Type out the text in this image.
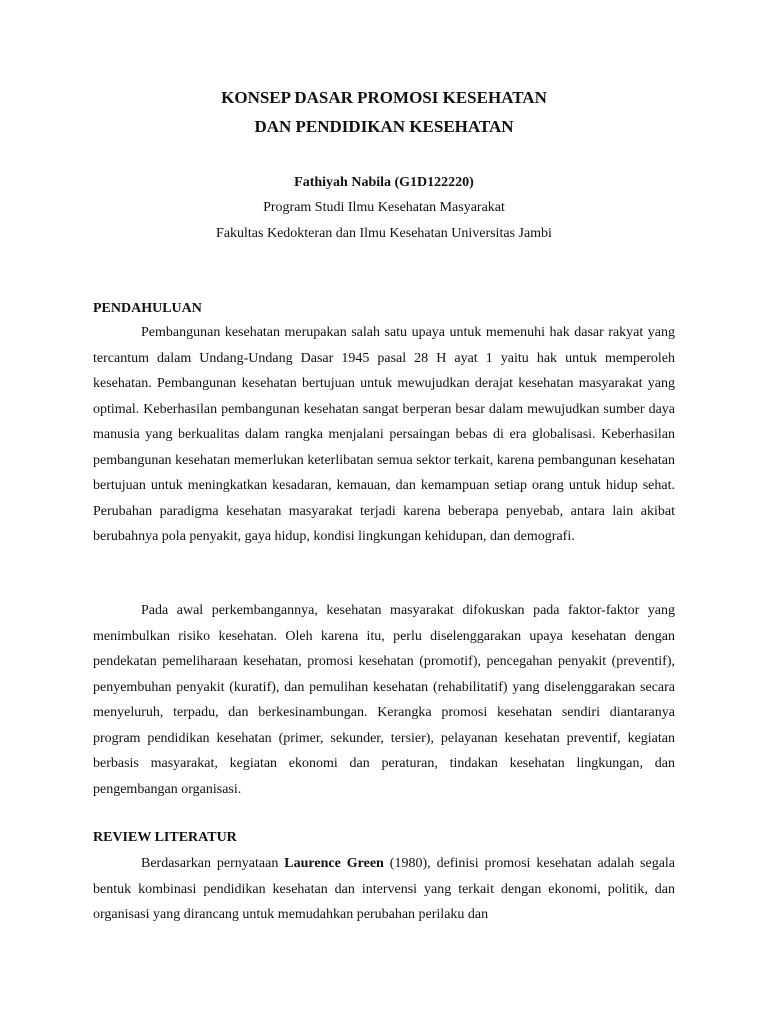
KONSEP DASAR PROMOSI KESEHATAN
DAN PENDIDIKAN KESEHATAN
Fathiyah Nabila (G1D122220)
Program Studi Ilmu Kesehatan Masyarakat
Fakultas Kedokteran dan Ilmu Kesehatan Universitas Jambi
PENDAHULUAN

Pembangunan kesehatan merupakan salah satu upaya untuk memenuhi hak dasar rakyat yang tercantum dalam Undang-Undang Dasar 1945 pasal 28 H ayat 1 yaitu hak untuk memperoleh kesehatan. Pembangunan kesehatan bertujuan untuk mewujudkan derajat kesehatan masyarakat yang optimal. Keberhasilan pembangunan kesehatan sangat berperan besar dalam mewujudkan sumber daya manusia yang berkualitas dalam rangka menjalani persaingan bebas di era globalisasi. Keberhasilan pembangunan kesehatan memerlukan keterlibatan semua sektor terkait, karena pembangunan kesehatan bertujuan untuk meningkatkan kesadaran, kemauan, dan kemampuan setiap orang untuk hidup sehat. Perubahan paradigma kesehatan masyarakat terjadi karena beberapa penyebab, antara lain akibat berubahnya pola penyakit, gaya hidup, kondisi lingkungan kehidupan, dan demografi.

Pada awal perkembangannya, kesehatan masyarakat difokuskan pada faktor-faktor yang menimbulkan risiko kesehatan. Oleh karena itu, perlu diselenggarakan upaya kesehatan dengan pendekatan pemeliharaan kesehatan, promosi kesehatan (promotif), pencegahan penyakit (preventif), penyembuhan penyakit (kuratif), dan pemulihan kesehatan (rehabilitatif) yang diselenggarakan secara menyeluruh, terpadu, dan berkesinambungan. Kerangka promosi kesehatan sendiri diantaranya program pendidikan kesehatan (primer, sekunder, tersier), pelayanan kesehatan preventif, kegiatan berbasis masyarakat, kegiatan ekonomi dan peraturan, tindakan kesehatan lingkungan, dan pengembangan organisasi.

REVIEW LITERATUR

Berdasarkan pernyataan Laurence Green (1980), definisi promosi kesehatan adalah segala bentuk kombinasi pendidikan kesehatan dan intervensi yang terkait dengan ekonomi, politik, dan organisasi yang dirancang untuk memudahkan perubahan perilaku dan
